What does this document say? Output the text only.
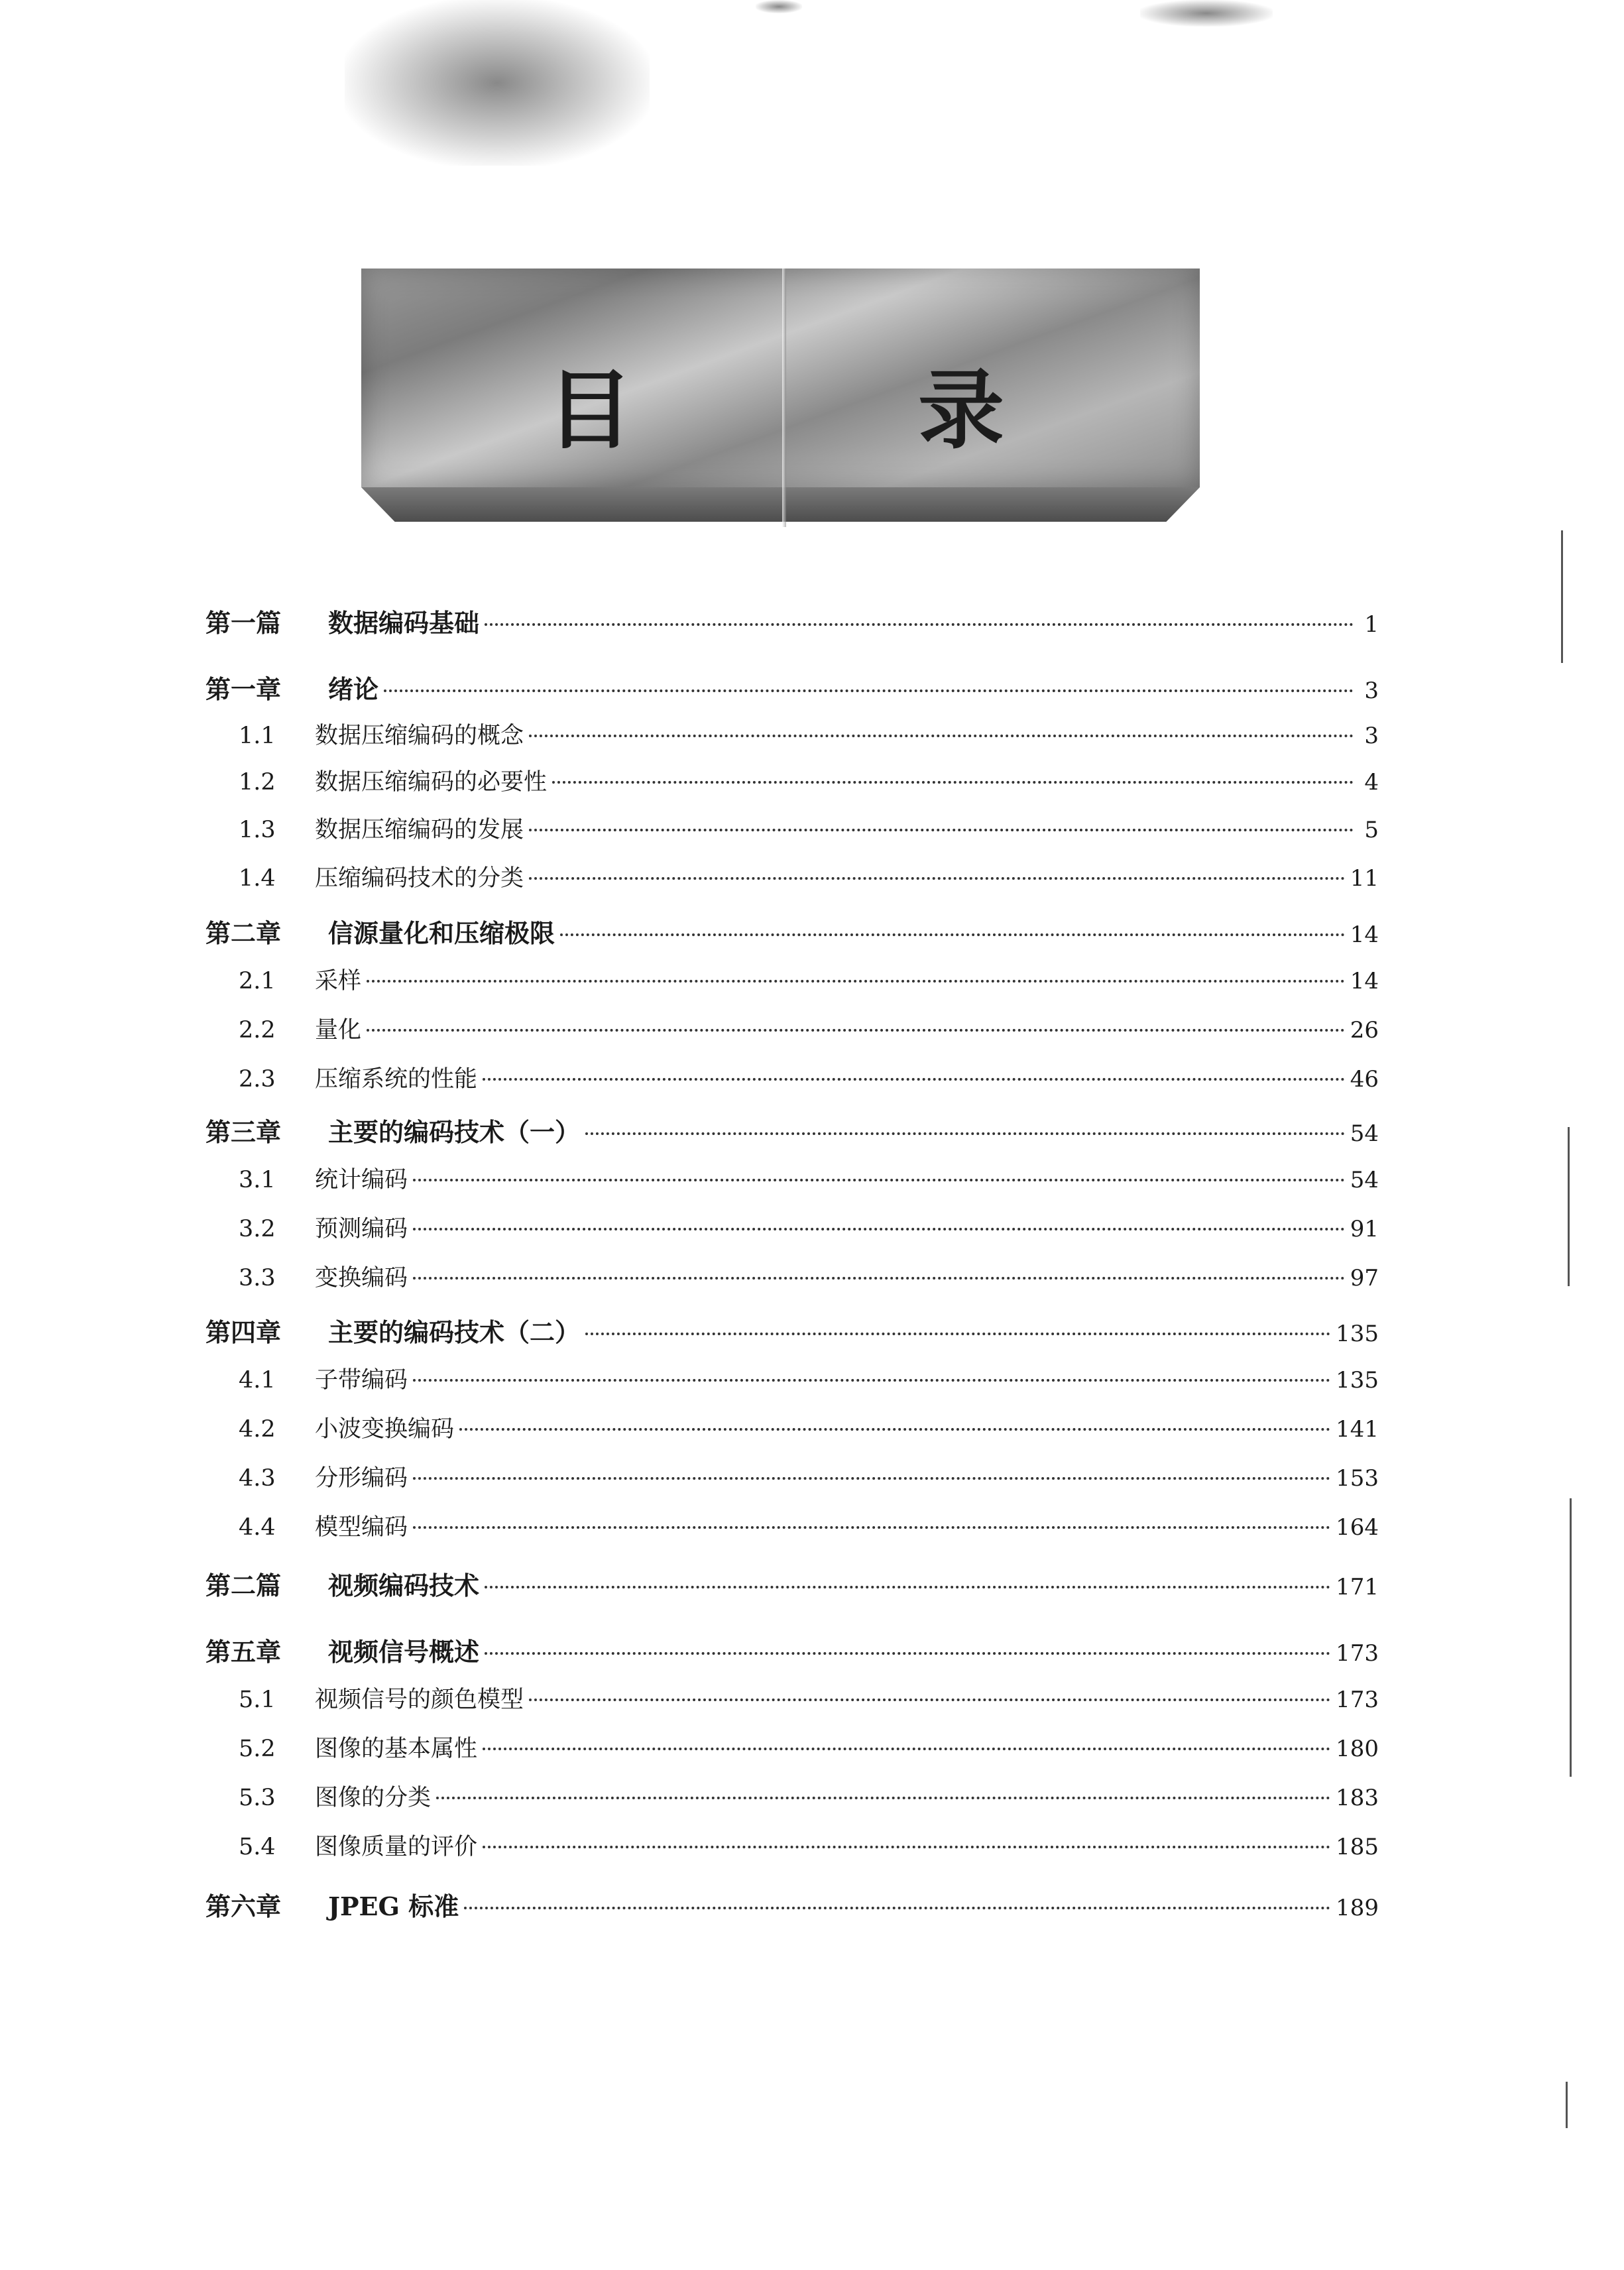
目	录
第一篇	数据编码基础	1
第一章	绪论	3
1.1	数据压缩编码的概念	3
1.2	数据压缩编码的必要性	4
1.3	数据压缩编码的发展	5
1.4	压缩编码技术的分类	11
第二章	信源量化和压缩极限	14
2.1	采样	14
2.2	量化	26
2.3	压缩系统的性能	46
第三章	主要的编码技术（一）	54
3.1	统计编码	54
3.2	预测编码	91
3.3	变换编码	97
第四章	主要的编码技术（二）	135
4.1	子带编码	135
4.2	小波变换编码	141
4.3	分形编码	153
4.4	模型编码	164
第二篇	视频编码技术	171
第五章	视频信号概述	173
5.1	视频信号的颜色模型	173
5.2	图像的基本属性	180
5.3	图像的分类	183
5.4	图像质量的评价	185
第六章	JPEG 标准	189
